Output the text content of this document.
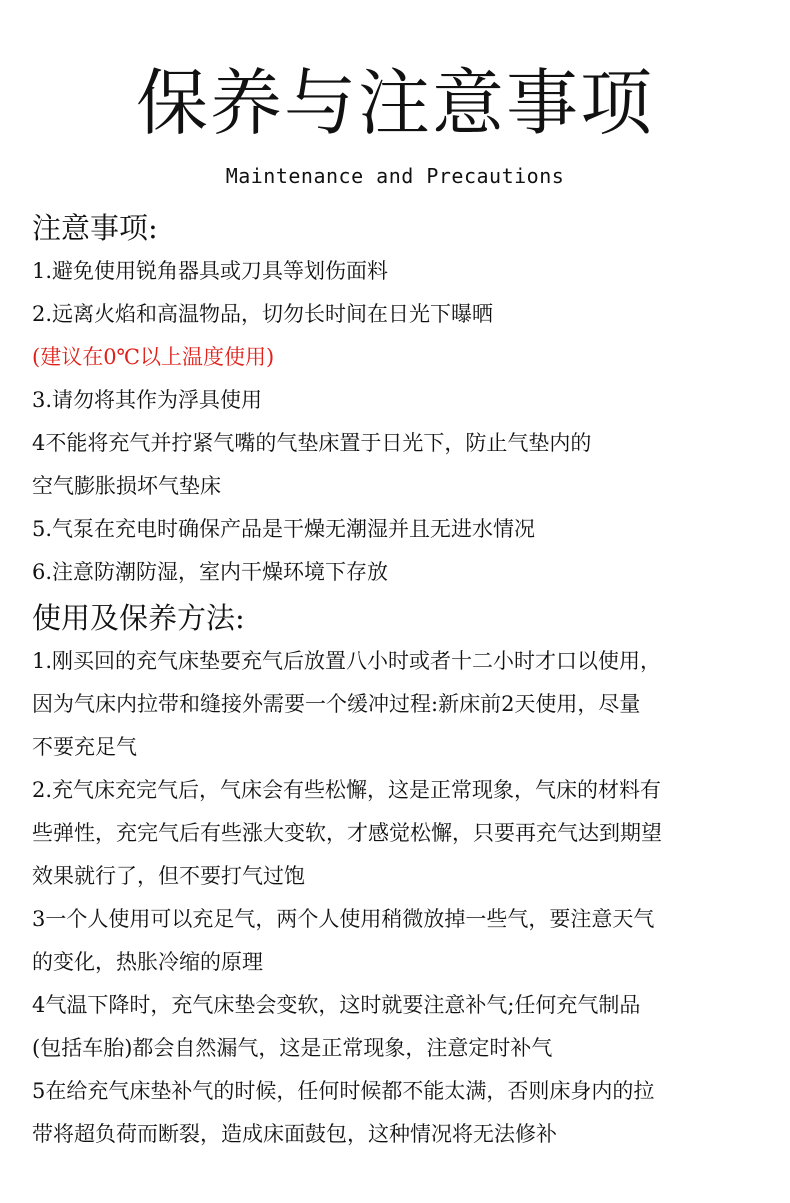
保养与注意事项
Maintenance and Precautions
注意事项:
1.避免使用锐角器具或刀具等划伤面料
2.远离火焰和高温物品，切勿长时间在日光下曝晒
(建议在0℃以上温度使用)
3.请勿将其作为浮具使用
4不能将充气并拧紧气嘴的气垫床置于日光下，防止气垫内的
空气膨胀损坏气垫床
5.气泵在充电时确保产品是干燥无潮湿并且无进水情况
6.注意防潮防湿，室内干燥环境下存放
使用及保养方法:
1.刚买回的充气床垫要充气后放置八小时或者十二小时才口以使用，
因为气床内拉带和缝接外需要一个缓冲过程:新床前2天使用，尽量
不要充足气
2.充气床充完气后，气床会有些松懈，这是正常现象，气床的材料有
些弹性，充完气后有些涨大变软，才感觉松懈，只要再充气达到期望
效果就行了，但不要打气过饱
3一个人使用可以充足气，两个人使用稍微放掉一些气，要注意天气
的变化，热胀冷缩的原理
4气温下降时，充气床垫会变软，这时就要注意补气;任何充气制品
(包括车胎)都会自然漏气，这是正常现象，注意定时补气
5在给充气床垫补气的时候，任何时候都不能太满，否则床身内的拉
带将超负荷而断裂，造成床面鼓包，这种情况将无法修补
